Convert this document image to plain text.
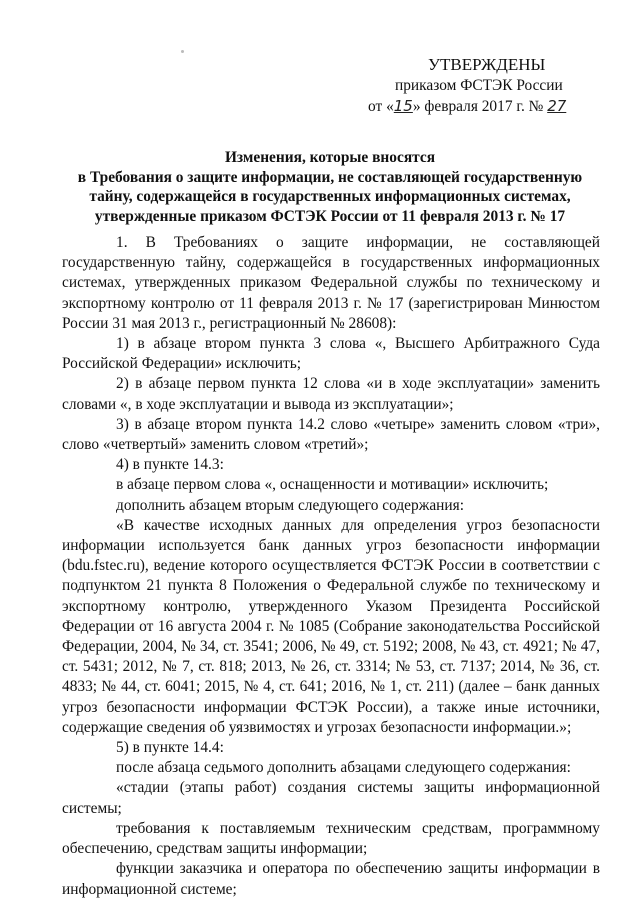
УТВЕРЖДЕНЫ
приказом ФСТЭК России
от «15» февраля 2017 г. № 27
Изменения, которые вносятся
в Требования о защите информации, не составляющей государственную
тайну, содержащейся в государственных информационных системах,
утвержденные приказом ФСТЭК России от 11 февраля 2013 г. № 17

1. В Требованиях о защите информации, не составляющей государственную тайну, содержащейся в государственных информационных системах, утвержденных приказом Федеральной службы по техническому и экспортному контролю от 11 февраля 2013 г. № 17 (зарегистрирован Минюстом России 31 мая 2013 г., регистрационный № 28608):

1) в абзаце втором пункта 3 слова «, Высшего Арбитражного Суда Российской Федерации» исключить;

2) в абзаце первом пункта 12 слова «и в ходе эксплуатации» заменить словами «, в ходе эксплуатации и вывода из эксплуатации»;

3) в абзаце втором пункта 14.2 слово «четыре» заменить словом «три», слово «четвертый» заменить словом «третий»;

4) в пункте 14.3:

в абзаце первом слова «, оснащенности и мотивации» исключить;

дополнить абзацем вторым следующего содержания:

«В качестве исходных данных для определения угроз безопасности информации используется банк данных угроз безопасности информации (bdu.fstec.ru), ведение которого осуществляется ФСТЭК России в соответствии с подпунктом 21 пункта 8 Положения о Федеральной службе по техническому и экспортному контролю, утвержденного Указом Президента Российской Федерации от 16 августа 2004 г. № 1085 (Собрание законодательства Российской Федерации, 2004, № 34, ст. 3541; 2006, № 49, ст. 5192; 2008, № 43, ст. 4921; № 47, ст. 5431; 2012, № 7, ст. 818; 2013, № 26, ст. 3314; № 53, ст. 7137; 2014, № 36, ст. 4833; № 44, ст. 6041; 2015, № 4, ст. 641; 2016, № 1, ст. 211) (далее – банк данных угроз безопасности информации ФСТЭК России), а также иные источники, содержащие сведения об уязвимостях и угрозах безопасности информации.»;

5) в пункте 14.4:

после абзаца седьмого дополнить абзацами следующего содержания:

«стадии (этапы работ) создания системы защиты информационной системы;

требования к поставляемым техническим средствам, программному обеспечению, средствам защиты информации;

функции заказчика и оператора по обеспечению защиты информации в информационной системе;
